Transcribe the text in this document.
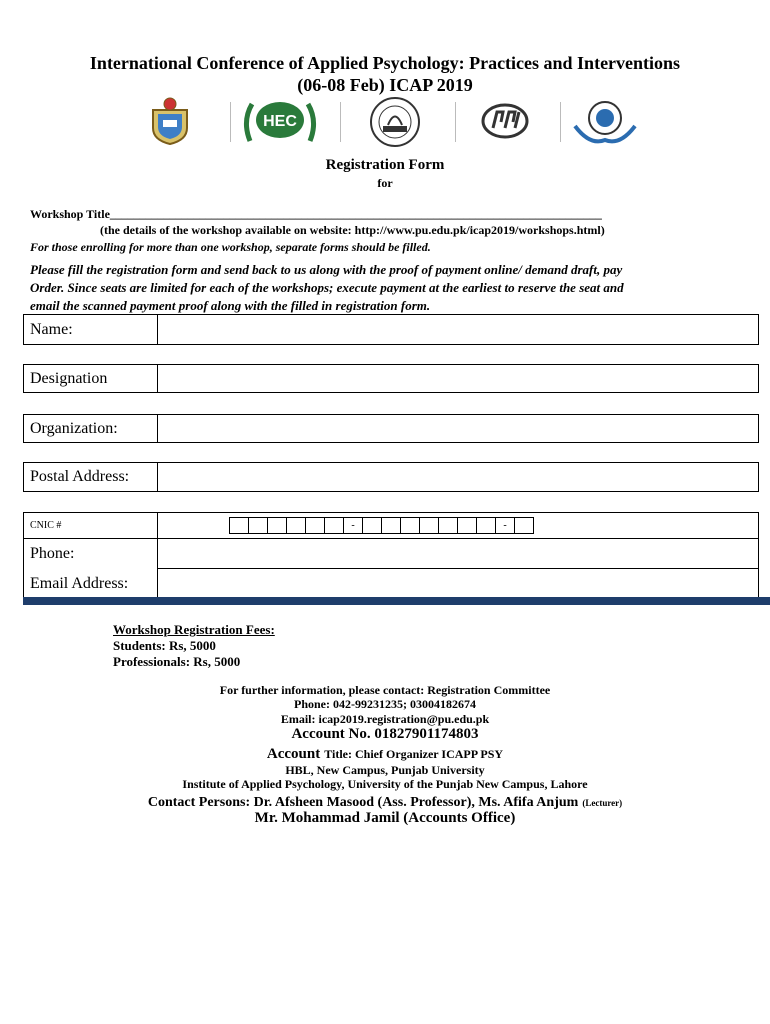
International Conference of Applied Psychology: Practices and Interventions
(06-08 Feb) ICAP 2019
HEC
Registration Form
for
Workshop Title__________________________________________________________________________________
(the details of the workshop available on website: http://www.pu.edu.pk/icap2019/workshops.html)
For those enrolling for more than one workshop, separate forms should be filled.
Please fill the registration form and send back to us along with the proof of payment online/ demand draft, pay
Order. Since seats are limited for each of the workshops; execute payment at the earliest to reserve the seat and
email the scanned payment proof along with the filled in registration form.
Name:
Designation
Organization:
Postal Address:
CNIC #
Phone:
Email Address:
-	-
Workshop Registration Fees:
Students: Rs, 5000
Professionals: Rs, 5000
For further information, please contact: Registration Committee
Phone: 042-99231235; 03004182674
Email: icap2019.registration@pu.edu.pk
Account No. 01827901174803
Account Title: Chief Organizer ICAPP PSY
HBL, New Campus, Punjab University
Institute of Applied Psychology, University of the Punjab New Campus, Lahore
Contact Persons: Dr. Afsheen Masood (Ass. Professor), Ms. Afifa Anjum (Lecturer)
Mr. Mohammad Jamil (Accounts Office)
